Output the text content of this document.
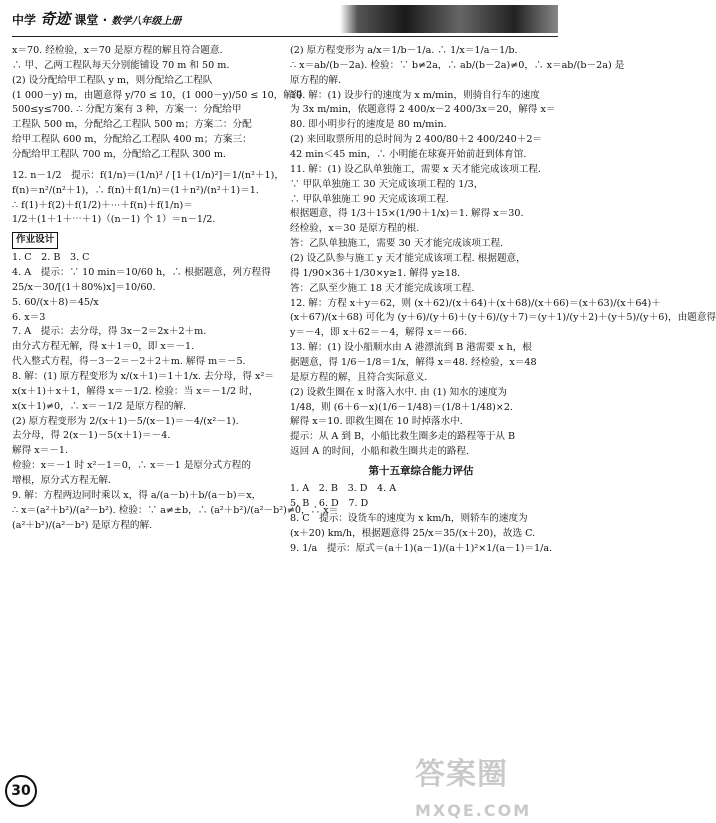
中学 奇迹 课堂 · 数学八年级上册

x＝70. 经检验，x＝70 是原方程的解且符合题意.

∴ 甲、乙两工程队每天分别能铺设 70 m 和 50 m.

(2) 设分配给甲工程队 y m，则分配给乙工程队

(1 000－y) m，由题意得 y/70 ≤ 10，(1 000－y)/50 ≤ 10，解得

500≤y≤700. ∴ 分配方案有 3 种，方案一：分配给甲

工程队 500 m，分配给乙工程队 500 m；方案二：分配

给甲工程队 600 m，分配给乙工程队 400 m；方案三：

分配给甲工程队 700 m，分配给乙工程队 300 m.

12. n－1/2　提示：f(1/n)＝(1/n)² / [1＋(1/n)²]＝1/(n²＋1)，

f(n)＝n²/(n²＋1)，∴ f(n)＋f(1/n)＝(1＋n²)/(n²＋1)＝1.

∴ f(1)＋f(2)＋f(1/2)＋⋯＋f(n)＋f(1/n)＝

1/2＋(1＋1＋⋯＋1)（(n－1) 个 1）＝n－1/2.

作业设计

1. C　2. B　3. C

4. A　提示：∵ 10 min＝10/60 h，∴ 根据题意，列方程得

25/x－30/[(1＋80%)x]＝10/60.

5. 60/(x＋8)＝45/x

6. x＝3

7. A　提示：去分母，得 3x－2＝2x＋2＋m.

由分式方程无解，得 x＋1＝0，即 x＝－1.

代入整式方程，得－3－2＝－2＋2＋m. 解得 m＝－5.

8. 解：(1) 原方程变形为 x/(x＋1)＝1＋1/x. 去分母，得 x²＝

x(x＋1)＋x＋1，解得 x＝－1/2. 检验：当 x＝－1/2 时，

x(x＋1)≠0，∴ x＝－1/2 是原方程的解.

(2) 原方程变形为 2/(x＋1)－5/(x－1)＝－4/(x²－1).

去分母，得 2(x－1)－5(x＋1)＝－4.

解得 x＝－1.

检验：x＝－1 时 x²－1＝0，∴ x＝－1 是原分式方程的

增根，原分式方程无解.

9. 解：方程两边同时乘以 x，得 a/(a－b)＋b/(a－b)＝x，

∴ x＝(a²＋b²)/(a²－b²). 检验：∵ a≠±b，∴ (a²＋b²)/(a²－b²)≠0，∴ x＝

(a²＋b²)/(a²－b²) 是原方程的解.

(2) 原方程变形为 a/x＝1/b－1/a. ∴ 1/x＝1/a－1/b.

∴ x＝ab/(b－2a). 检验：∵ b≠2a，∴ ab/(b－2a)≠0，∴ x＝ab/(b－2a) 是

原方程的解.

10. 解：(1) 设步行的速度为 x m/min，则骑自行车的速度

为 3x m/min，依题意得 2 400/x－2 400/3x＝20，解得 x＝

80. 即小明步行的速度是 80 m/min.

(2) 来回取票所用的总时间为 2 400/80＋2 400/240＋2＝

42 min＜45 min，∴ 小明能在球赛开始前赶到体育馆.

11. 解：(1) 设乙队单独施工，需要 x 天才能完成该项工程.

∵ 甲队单独施工 30 天完成该项工程的 1/3，

∴ 甲队单独施工 90 天完成该项工程.

根据题意，得 1/3＋15×(1/90＋1/x)＝1. 解得 x＝30.

经检验，x＝30 是原方程的根.

答：乙队单独施工，需要 30 天才能完成该项工程.

(2) 设乙队参与施工 y 天才能完成该项工程. 根据题意，

得 1/90×36＋1/30×y≥1. 解得 y≥18.

答：乙队至少施工 18 天才能完成该项工程.

12. 解：方程 x＋y＝62，则 (x＋62)/(x＋64)＋(x＋68)/(x＋66)＝(x＋63)/(x＋64)＋

(x＋67)/(x＋68) 可化为 (y＋6)/(y＋6)＋(y＋6)/(y＋7)＝(y＋1)/(y＋2)＋(y＋5)/(y＋6)，由题意得

y＝－4，即 x＋62＝－4，解得 x＝－66.

13. 解：(1) 设小船顺水由 A 港漂流到 B 港需要 x h，根

据题意，得 1/6－1/8＝1/x，解得 x＝48. 经检验，x＝48

是原方程的解，且符合实际意义.

(2) 设救生圈在 x 时落入水中. 由 (1) 知水的速度为

1/48，则 (6＋6－x)(1/6－1/48)＝(1/8＋1/48)×2.

解得 x＝10. 即救生圈在 10 时掉落水中.

提示：从 A 到 B，小船比救生圈多走的路程等于从 B

返回 A 的时间，小船和救生圈共走的路程.

第十五章综合能力评估

1. A　2. B　3. D　4. A

5. B　6. D　7. D

8. C　提示：设货车的速度为 x km/h，则轿车的速度为

(x＋20) km/h，根据题意得 25/x＝35/(x＋20)，故选 C.

9. 1/a　提示：原式＝(a＋1)(a－1)/(a＋1)²×1/(a－1)＝1/a.

30	答案圈
MXQE.COM
